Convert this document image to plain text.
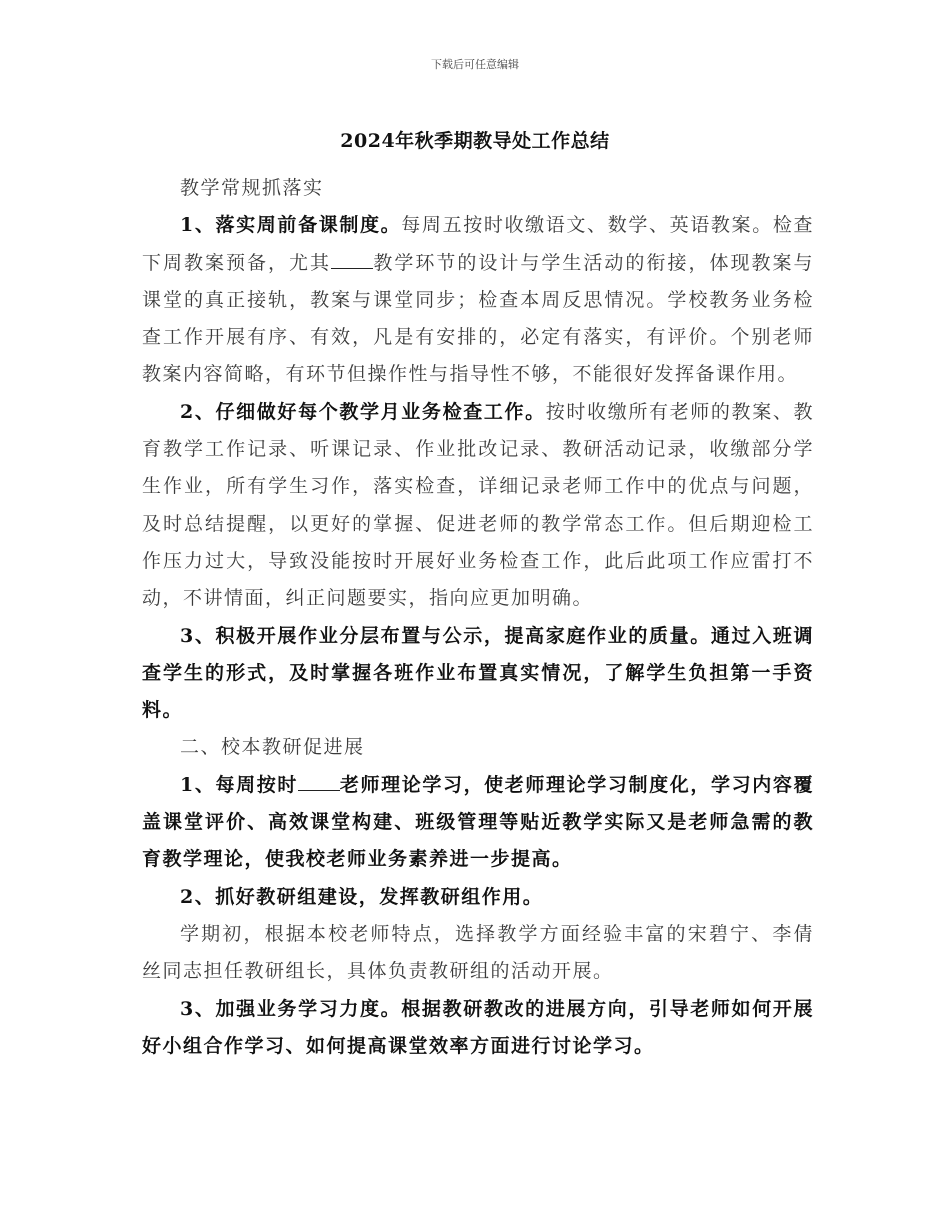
下载后可任意编辑
2024年秋季期教导处工作总结

教学常规抓落实

1、落实周前备课制度。每周五按时收缴语文、数学、英语教案。检查下周教案预备，尤其 教学环节的设计与学生活动的衔接，体现教案与课堂的真正接轨，教案与课堂同步；检查本周反思情况。学校教务业务检查工作开展有序、有效，凡是有安排的，必定有落实，有评价。个别老师教案内容简略，有环节但操作性与指导性不够，不能很好发挥备课作用。

2、仔细做好每个教学月业务检查工作。按时收缴所有老师的教案、教育教学工作记录、听课记录、作业批改记录、教研活动记录，收缴部分学生作业，所有学生习作，落实检查，详细记录老师工作中的优点与问题，及时总结提醒，以更好的掌握、促进老师的教学常态工作。但后期迎检工作压力过大，导致没能按时开展好业务检查工作，此后此项工作应雷打不动，不讲情面，纠正问题要实，指向应更加明确。

3、积极开展作业分层布置与公示，提高家庭作业的质量。通过入班调查学生的形式，及时掌握各班作业布置真实情况，了解学生负担第一手资料。

二、校本教研促进展

1、每周按时 老师理论学习，使老师理论学习制度化，学习内容覆盖课堂评价、高效课堂构建、班级管理等贴近教学实际又是老师急需的教育教学理论，使我校老师业务素养进一步提高。

2、抓好教研组建设，发挥教研组作用。

学期初，根据本校老师特点，选择教学方面经验丰富的宋碧宁、李倩丝同志担任教研组长，具体负责教研组的活动开展。

3、加强业务学习力度。根据教研教改的进展方向，引导老师如何开展好小组合作学习、如何提高课堂效率方面进行讨论学习。
